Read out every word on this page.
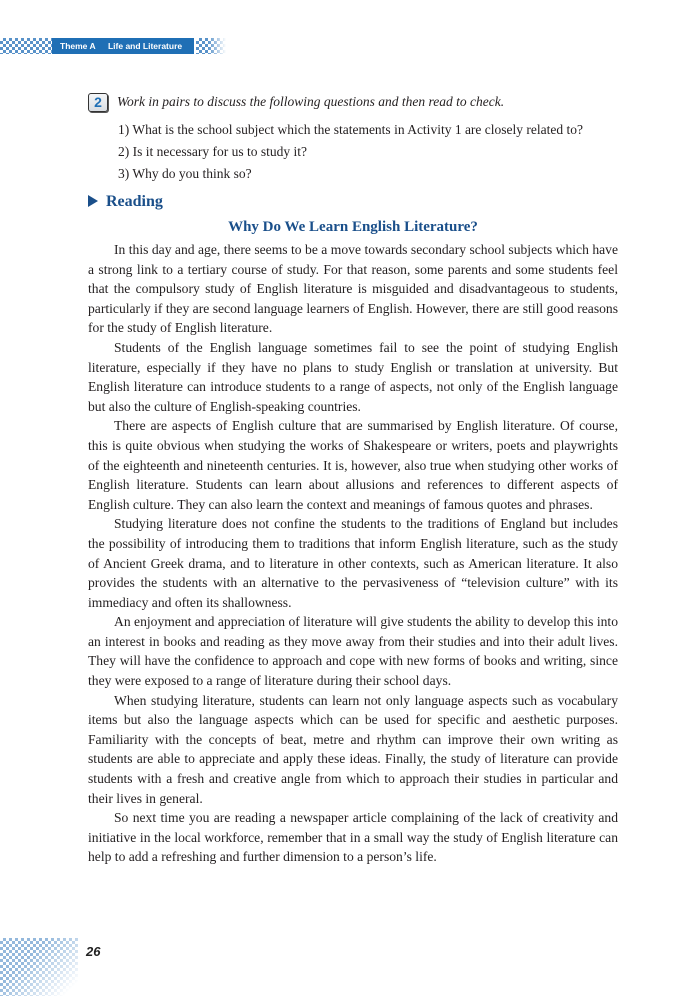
Theme A Life and Literature
2	Work in pairs to discuss the following questions and then read to check.
1) What is the school subject which the statements in Activity 1 are closely related to?
2) Is it necessary for us to study it?
3) Why do you think so?
Reading
Why Do We Learn English Literature?

In this day and age, there seems to be a move towards secondary school subjects which have a strong link to a tertiary course of study. For that reason, some parents and some students feel that the compulsory study of English literature is misguided and disadvantageous to students, particularly if they are second language learners of English. However, there are still good reasons for the study of English literature.

Students of the English language sometimes fail to see the point of studying English literature, especially if they have no plans to study English or translation at university. But English literature can introduce students to a range of aspects, not only of the English language but also the culture of English-speaking countries.

There are aspects of English culture that are summarised by English literature. Of course, this is quite obvious when studying the works of Shakespeare or writers, poets and playwrights of the eighteenth and nineteenth centuries. It is, however, also true when studying other works of English literature. Students can learn about allusions and references to different aspects of English culture. They can also learn the context and meanings of famous quotes and phrases.

Studying literature does not confine the students to the traditions of England but includes the possibility of introducing them to traditions that inform English literature, such as the study of Ancient Greek drama, and to literature in other contexts, such as American literature. It also provides the students with an alternative to the pervasiveness of “television culture” with its immediacy and often its shallowness.

An enjoyment and appreciation of literature will give students the ability to develop this into an interest in books and reading as they move away from their studies and into their adult lives. They will have the confidence to approach and cope with new forms of books and writing, since they were exposed to a range of literature during their school days.

When studying literature, students can learn not only language aspects such as vocabulary items but also the language aspects which can be used for specific and aesthetic purposes. Familiarity with the concepts of beat, metre and rhythm can improve their own writing as students are able to appreciate and apply these ideas. Finally, the study of literature can provide students with a fresh and creative angle from which to approach their studies in particular and their lives in general.

So next time you are reading a newspaper article complaining of the lack of creativity and initiative in the local workforce, remember that in a small way the study of English literature can help to add a refreshing and further dimension to a person’s life.

26
